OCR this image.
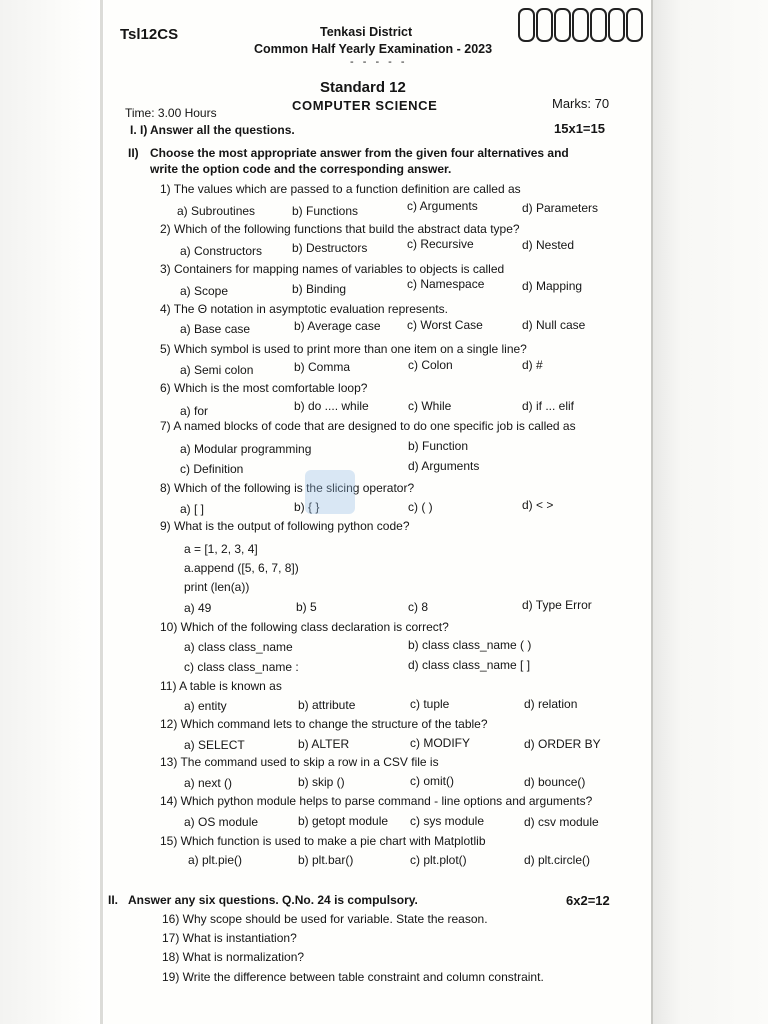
Tsl12CS	Tenkasi District
Common Half Yearly Examination - 2023
- - - - -
Standard 12
COMPUTER SCIENCE
Time: 3.00 Hours
Marks: 70
I. I) Answer all the questions.	15x1=15
II) Choose the most appropriate answer from the given four alternatives and
write the option code and the corresponding answer.
1) The values which are passed to a function definition are called as
a) Subroutines	b) Functions	c) Arguments	d) Parameters
2) Which of the following functions that build the abstract data type?
a) Constructors b) Destructors	c) Recursive	d) Nested
3) Containers for mapping names of variables to objects is called
a) Scope	b) Binding	c) Namespace	d) Mapping
4) The Θ notation in asymptotic evaluation represents.
a) Base case	b) Average case c) Worst Case	d) Null case
5) Which symbol is used to print more than one item on a single line?
a) Semi colon	b) Comma	c) Colon	d) #
6) Which is the most comfortable loop?
a) for	b) do .... while	c) While	d) if ... elif
7) A named blocks of code that are designed to do one specific job is called as
a) Modular programming	b) Function
c) Definition	d) Arguments
8) Which of the following is the slicing operator?
a) [ ]	b) { }	c) ( )	d) < >
9) What is the output of following python code?
a = [1, 2, 3, 4]
a.append ([5, 6, 7, 8])
print (len(a))
a) 49	b) 5	c) 8	d) Type Error
10) Which of the following class declaration is correct?
a) class class_name	b) class class_name ( )
c) class class_name :	d) class class_name [ ]
11) A table is known as
a) entity	b) attribute	c) tuple	d) relation
12) Which command lets to change the structure of the table?
a) SELECT	b) ALTER	c) MODIFY	d) ORDER BY
13) The command used to skip a row in a CSV file is
a) next ()	b) skip ()	c) omit()	d) bounce()
14) Which python module helps to parse command - line options and arguments?
a) OS module	b) getopt module c) sys module	d) csv module
15) Which function is used to make a pie chart with Matplotlib
a) plt.pie()	b) plt.bar()	c) plt.plot()	d) plt.circle()
II. Answer any six questions. Q.No. 24 is compulsory.	6x2=12
16) Why scope should be used for variable. State the reason.
17) What is instantiation?
18) What is normalization?
19) Write the difference between table constraint and column constraint.
